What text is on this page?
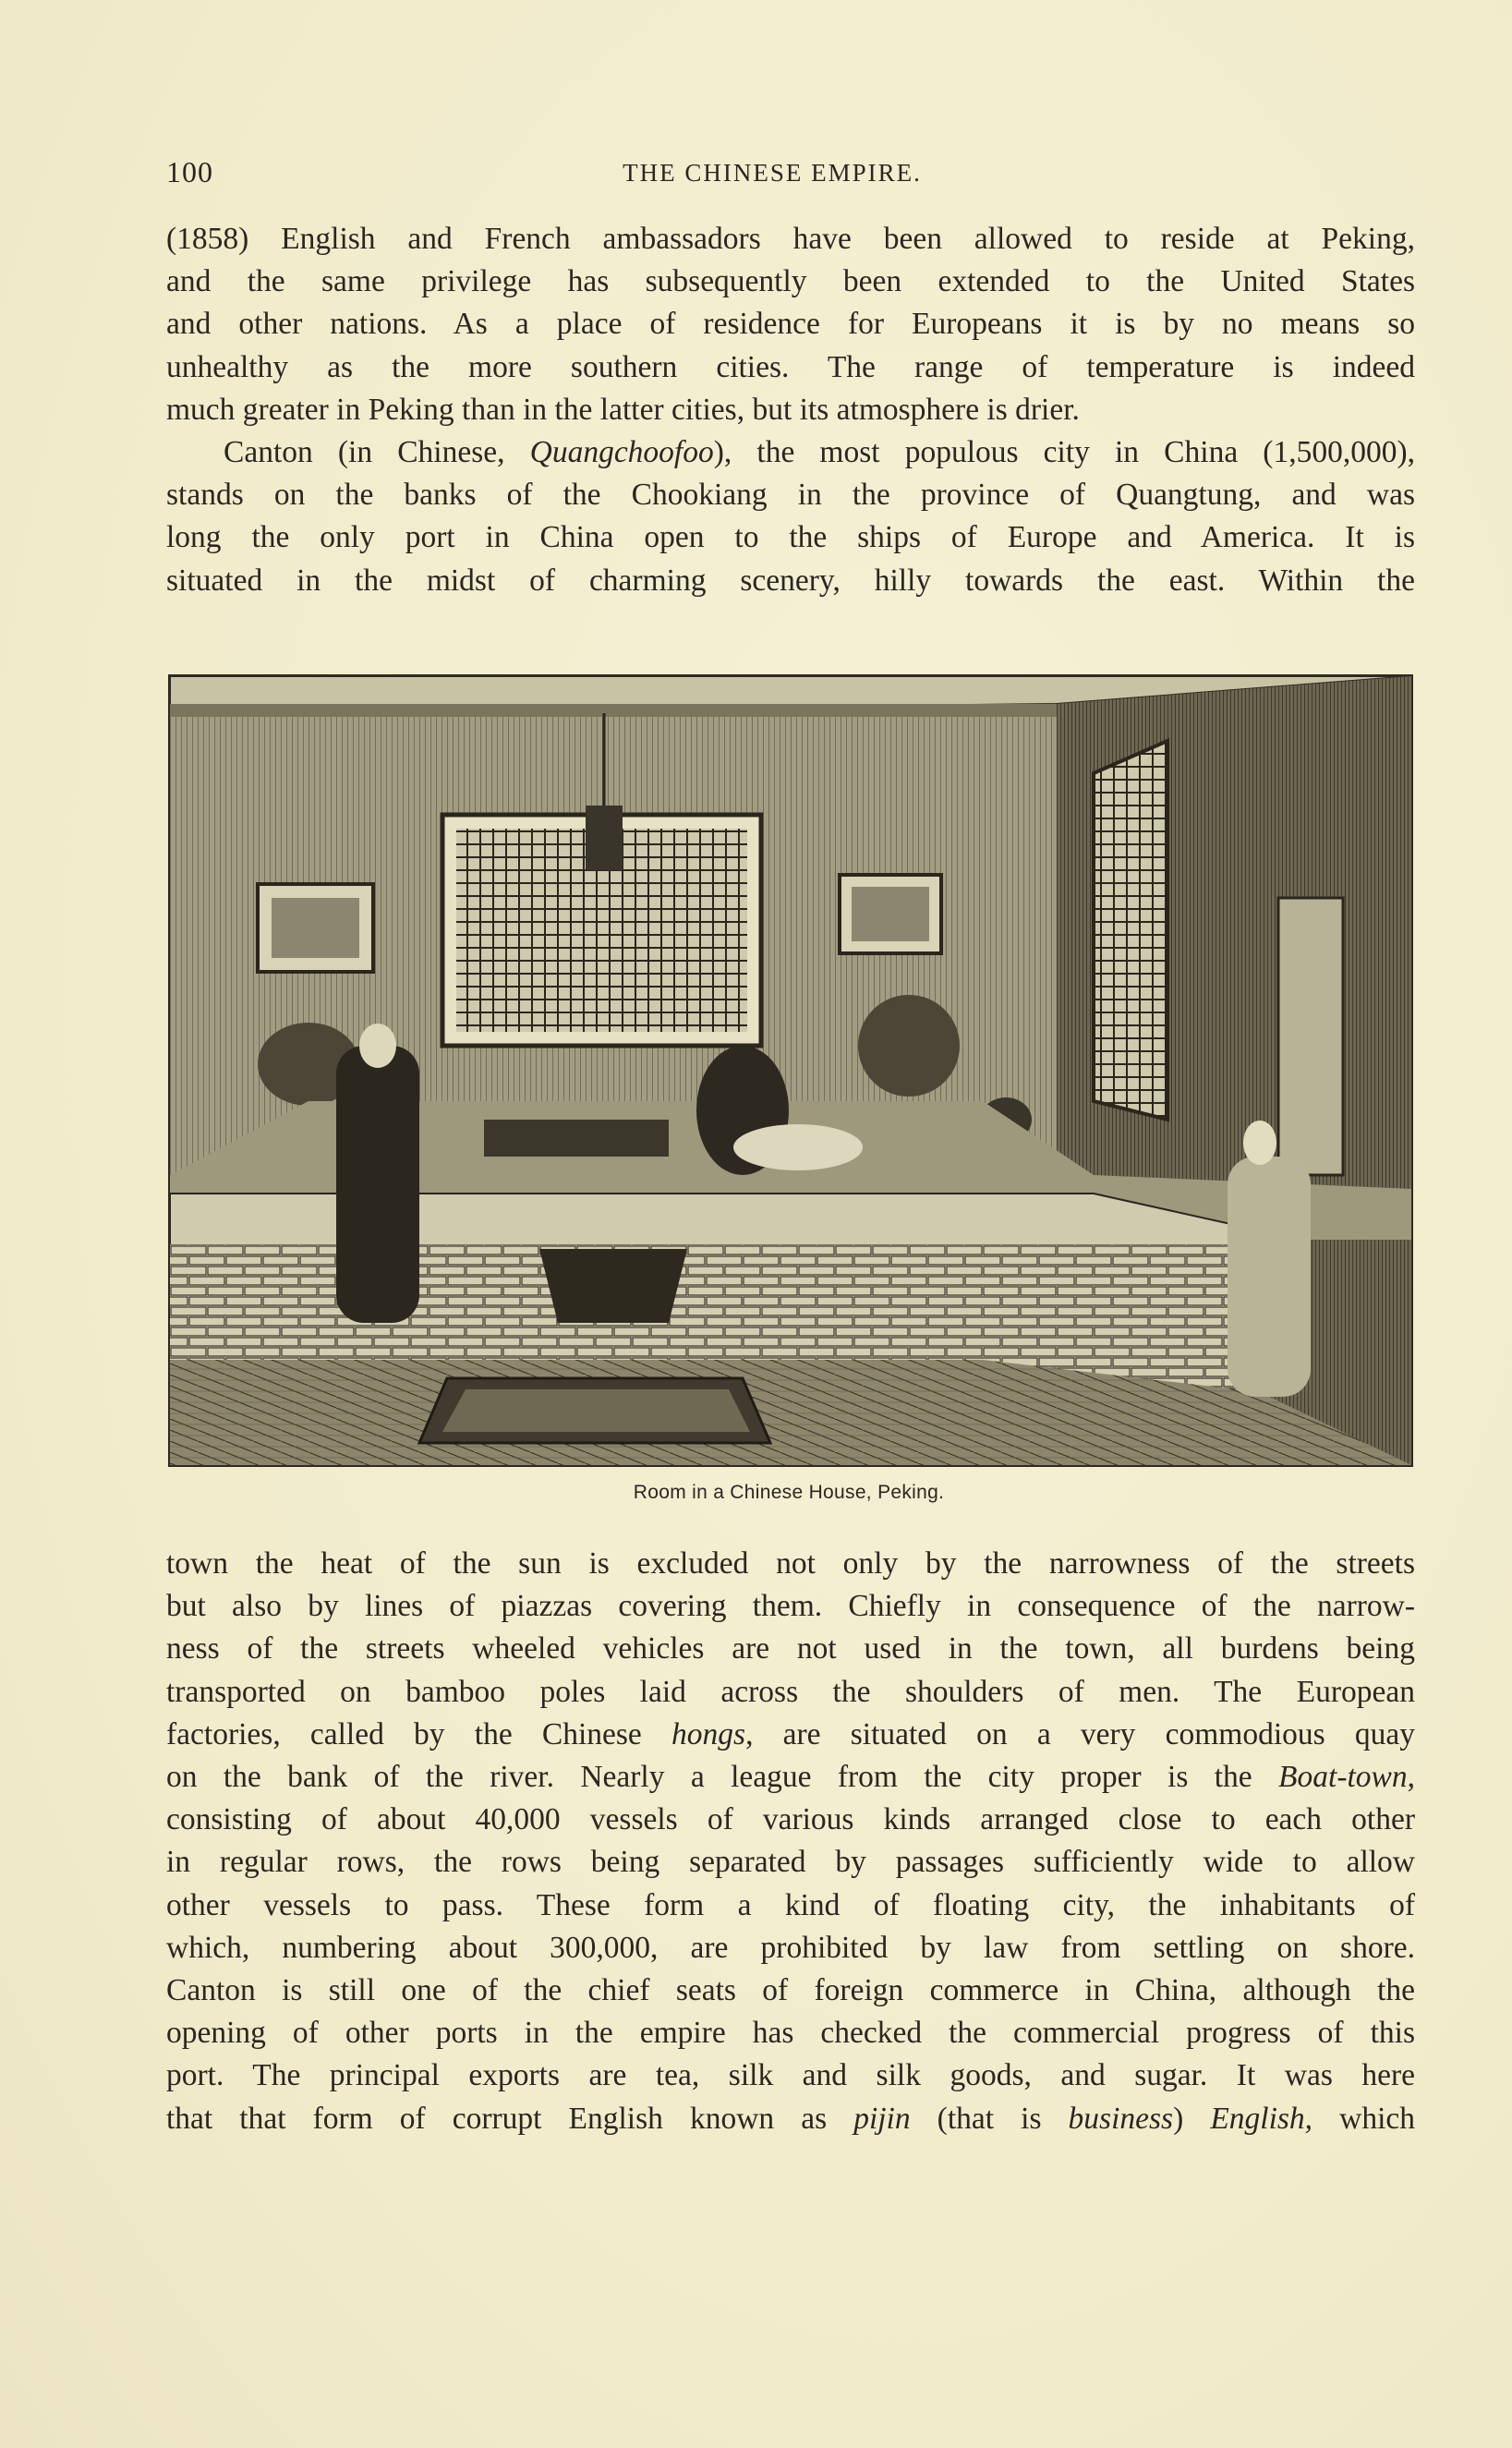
100	THE CHINESE EMPIRE.
(1858) English and French ambassadors have been allowed to reside at Peking,
and the same privilege has subsequently been extended to the United States
and other nations. As a place of residence for Europeans it is by no means so
unhealthy as the more southern cities. The range of temperature is indeed
much greater in Peking than in the latter cities, but its atmosphere is drier.
Canton (in Chinese, Quangchoofoo), the most populous city in China (1,500,000),
stands on the banks of the Chookiang in the province of Quangtung, and was
long the only port in China open to the ships of Europe and America. It is
situated in the midst of charming scenery, hilly towards the east. Within the
Room in a Chinese House, Peking.
town the heat of the sun is excluded not only by the narrowness of the streets
but also by lines of piazzas covering them. Chiefly in consequence of the narrow-
ness of the streets wheeled vehicles are not used in the town, all burdens being
transported on bamboo poles laid across the shoulders of men. The European
factories, called by the Chinese hongs, are situated on a very commodious quay
on the bank of the river. Nearly a league from the city proper is the Boat-town,
consisting of about 40,000 vessels of various kinds arranged close to each other
in regular rows, the rows being separated by passages sufficiently wide to allow
other vessels to pass. These form a kind of floating city, the inhabitants of
which, numbering about 300,000, are prohibited by law from settling on shore.
Canton is still one of the chief seats of foreign commerce in China, although the
opening of other ports in the empire has checked the commercial progress of this
port. The principal exports are tea, silk and silk goods, and sugar. It was here
that that form of corrupt English known as pijin (that is business) English, which
